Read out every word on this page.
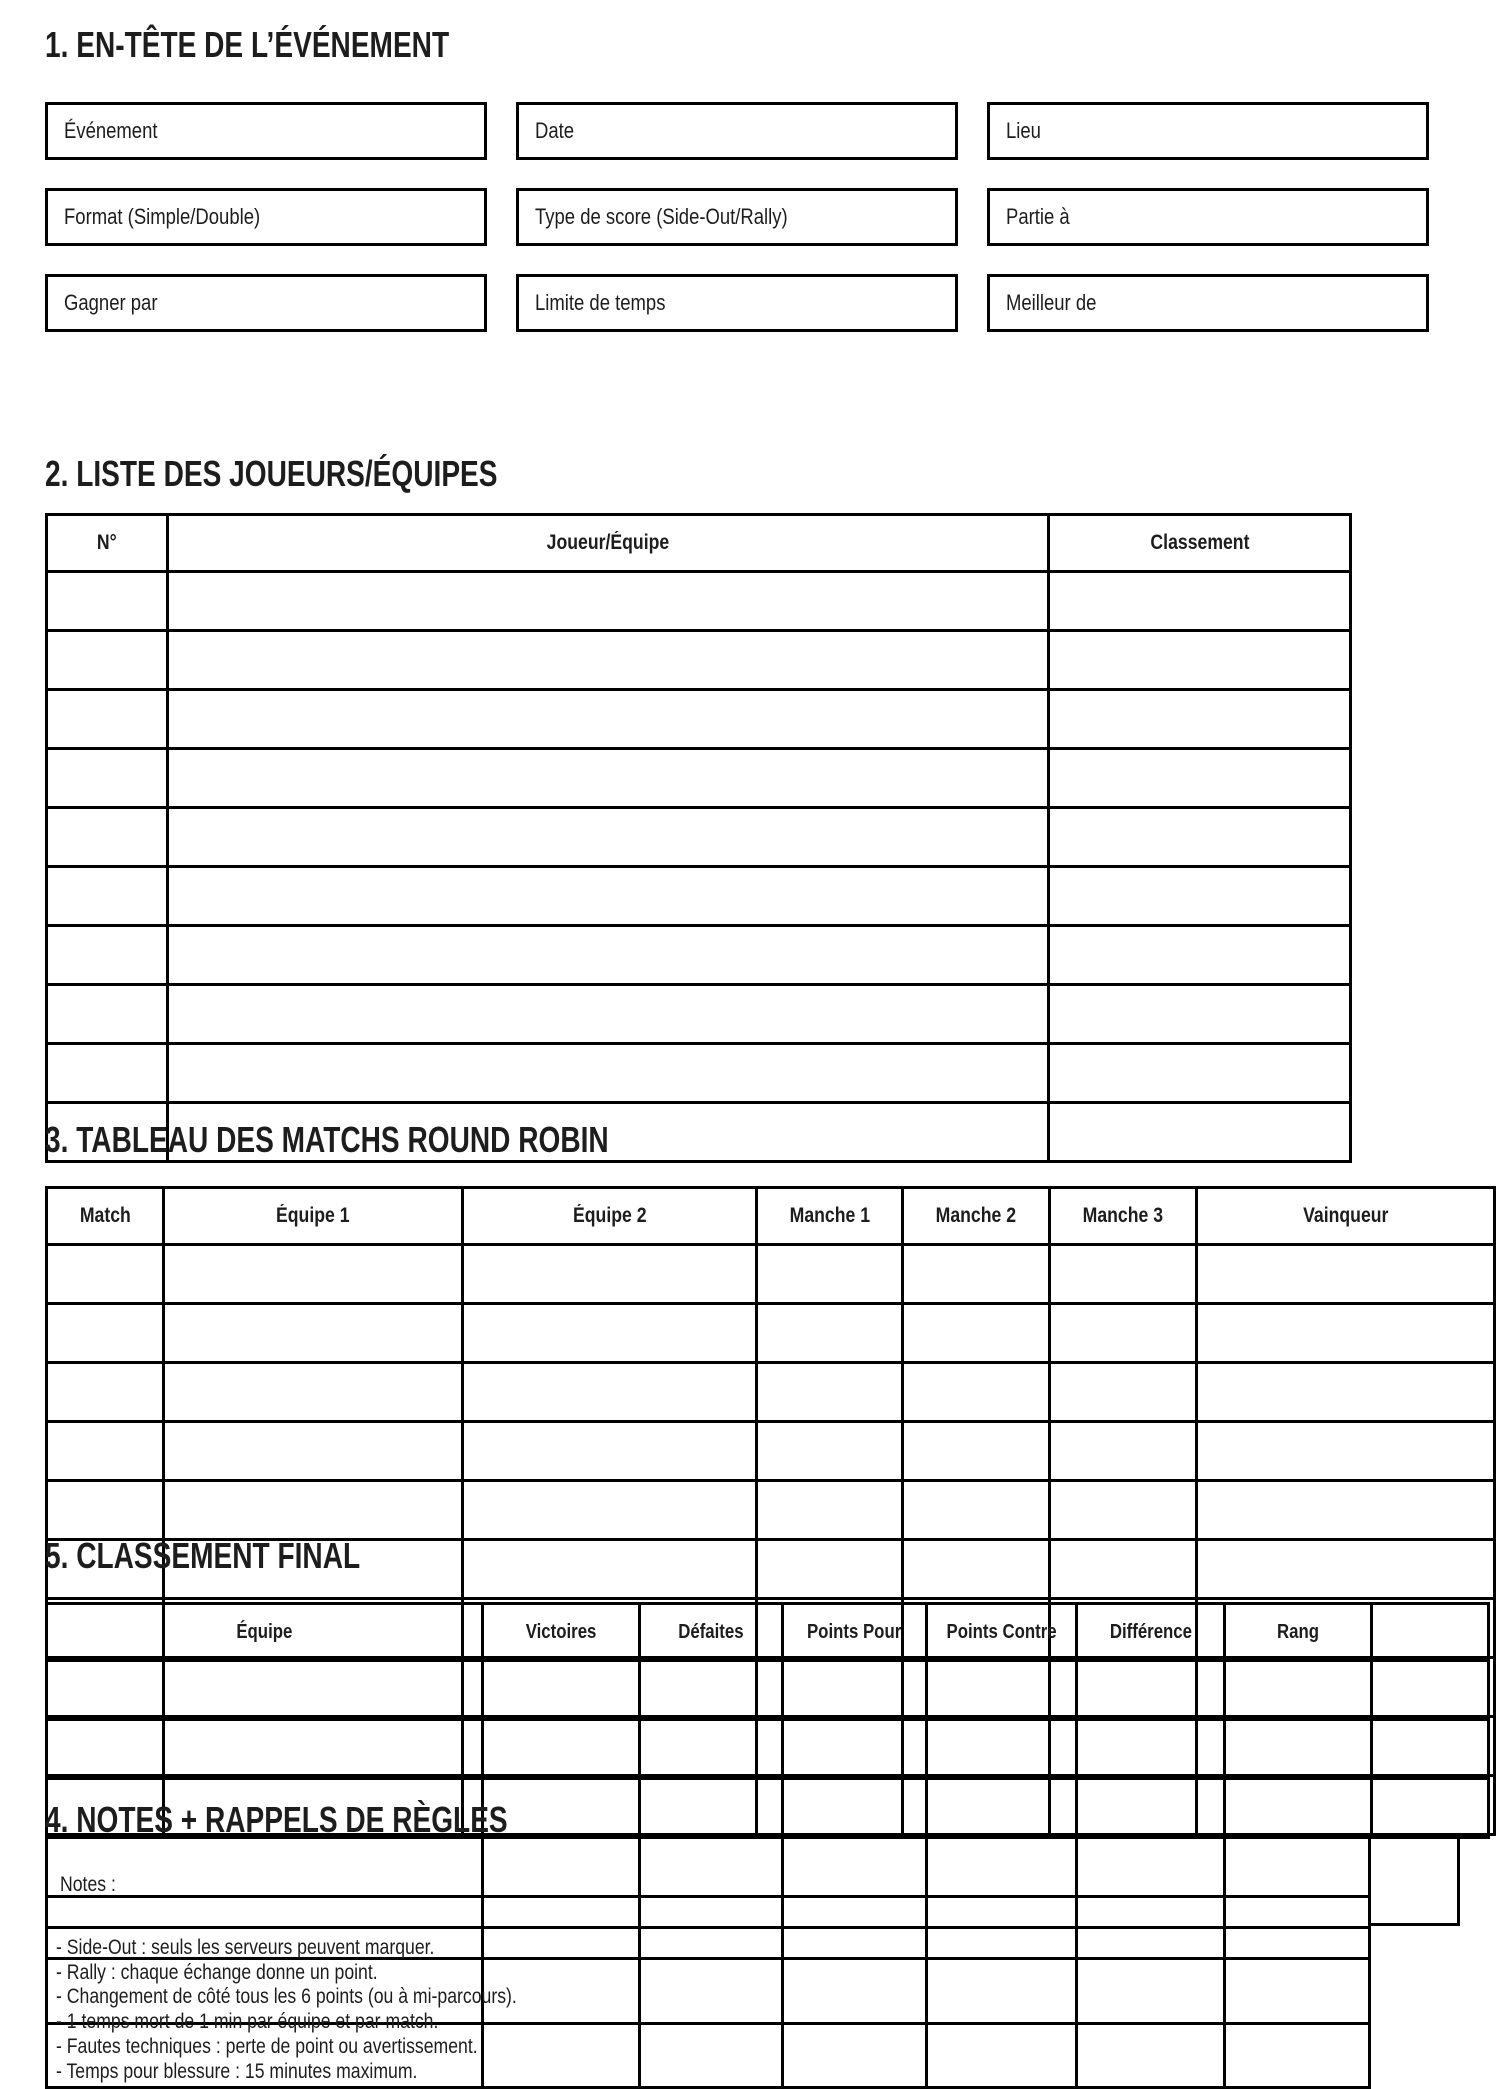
Match	Équipe 1	Équipe 2	Manche 1	Manche 2	Manche 3	Vainqueur

N°	Joueur/Équipe	Classement

Équipe	Victoires	Défaites	Points Pour	Points Contre	Différence	Rang	

1. EN-TÊTE DE L’ÉVÉNEMENT
Événement	Date	Lieu
Format (Simple/Double)	Type de score (Side-Out/Rally)	Partie à
Gagner par	Limite de temps	Meilleur de
2. LISTE DES JOUEURS/ÉQUIPES
3. TABLEAU DES MATCHS ROUND ROBIN
5. CLASSEMENT FINAL
4. NOTES + RAPPELS DE RÈGLES
Notes :
- Side-Out : seuls les serveurs peuvent marquer.
- Rally : chaque échange donne un point.
- Changement de côté tous les 6 points (ou à mi-parcours).
- 1 temps mort de 1 min par équipe et par match.
- Fautes techniques : perte de point ou avertissement.
- Temps pour blessure : 15 minutes maximum.
